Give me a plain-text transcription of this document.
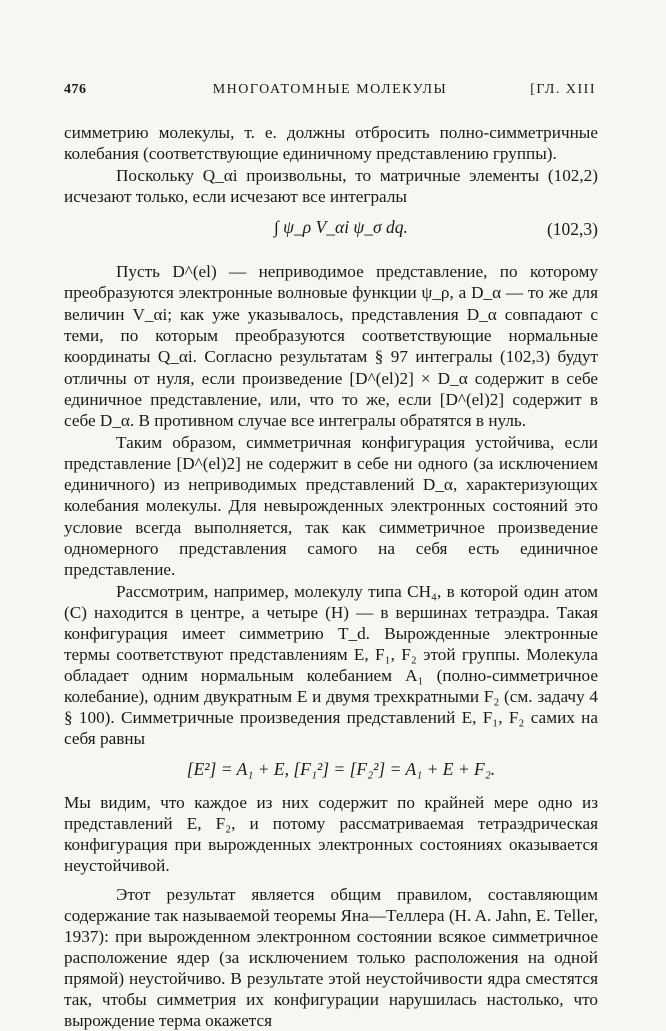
476	МНОГОАТОМНЫЕ МОЛЕКУЛЫ	[ГЛ. XIII

симметрию молекулы, т. е. должны отбросить полно-симметричные колебания (соответствующие единичному представлению группы).

Поскольку Q_αi произвольны, то матричные элементы (102,2) исчезают только, если исчезают все интегралы

∫ ψ_ρ V_αi ψ_σ dq.	(102,3)

Пусть D^(el) — неприводимое представление, по которому преобразуются электронные волновые функции ψ_ρ, а D_α — то же для величин V_αi; как уже указывалось, представления D_α совпадают с теми, по которым преобразуются соответствующие нормальные координаты Q_αi. Согласно результатам § 97 интегралы (102,3) будут отличны от нуля, если произведение [D^(el)2] × D_α содержит в себе единичное представление, или, что то же, если [D^(el)2] содержит в себе D_α. В противном случае все интегралы обратятся в нуль.

Таким образом, симметричная конфигурация устойчива, если представление [D^(el)2] не содержит в себе ни одного (за исключением единичного) из неприводимых представлений D_α, характеризующих колебания молекулы. Для невырожденных электронных состояний это условие всегда выполняется, так как симметричное произведение одномерного представления самого на себя есть единичное представление.

Рассмотрим, например, молекулу типа CH₄, в которой один атом (C) находится в центре, а четыре (H) — в вершинах тетраэдра. Такая конфигурация имеет симметрию T_d. Вырожденные электронные термы соответствуют представлениям E, F₁, F₂ этой группы. Молекула обладает одним нормальным колебанием A₁ (полно-симметричное колебание), одним двукратным E и двумя трехкратными F₂ (см. задачу 4 § 100). Симметричные произведения представлений E, F₁, F₂ самих на себя равны

[E²] = A₁ + E, [F₁²] = [F₂²] = A₁ + E + F₂.

Мы видим, что каждое из них содержит по крайней мере одно из представлений E, F₂, и потому рассматриваемая тетраэдрическая конфигурация при вырожденных электронных состояниях оказывается неустойчивой.

Этот результат является общим правилом, составляющим содержание так называемой теоремы Яна—Теллера (H. A. Jahn, E. Teller, 1937): при вырожденном электронном состоянии всякое симметричное расположение ядер (за исключением только расположения на одной прямой) неустойчиво. В результате этой неустойчивости ядра сместятся так, чтобы симметрия их конфигурации нарушилась настолько, что вырождение терма окажется
